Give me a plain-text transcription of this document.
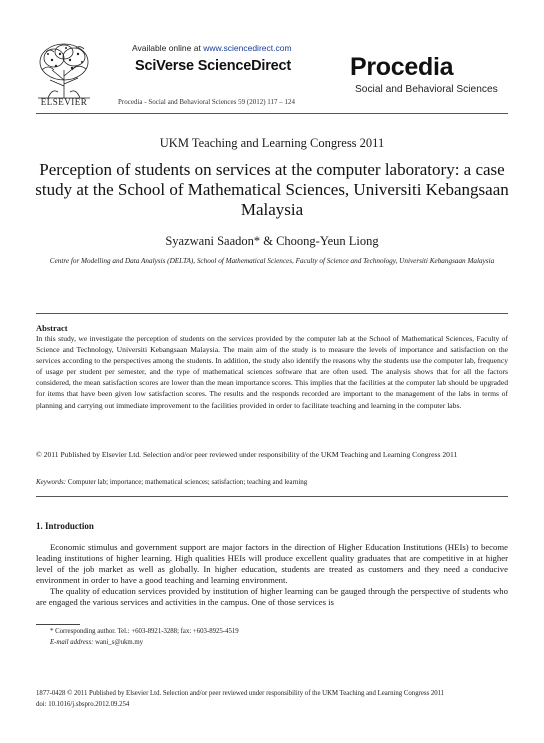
ELSEVIER
Available online at www.sciencedirect.com
SciVerse ScienceDirect
Procedia - Social and Behavioral Sciences 59 (2012) 117 – 124
Procedia
Social and Behavioral Sciences
UKM Teaching and Learning Congress 2011
Perception of students on services at the computer laboratory: a case study at the School of Mathematical Sciences, Universiti Kebangsaan Malaysia
Syazwani Saadon* & Choong-Yeun Liong
Centre for Modelling and Data Analysis (DELTA), School of Mathematical Sciences, Faculty of Science and Technology, Universiti Kebangsaan Malaysia
Abstract
In this study, we investigate the perception of students on the services provided by the computer lab at the School of Mathematical Sciences, Faculty of Science and Technology, Universiti Kebangsaan Malaysia. The main aim of the study is to measure the levels of importance and satisfaction on the services according to the perspectives among the students. In addition, the study also identify the reasons why the students use the computer lab, frequency of usage per student per semester, and the type of mathematical sciences software that are often used. The analysis shows that for all the factors considered, the mean satisfaction scores are lower than the mean importance scores. This implies that the facilities at the computer lab should be upgraded for items that have been given low satisfaction scores. The results and the responds recorded are important to the management of the labs in terms of planning and carrying out immediate improvement to the facilities provided in order to facilitate teaching and learning in the computer labs.
© 2011 Published by Elsevier Ltd. Selection and/or peer reviewed under responsibility of the UKM Teaching and Learning Congress 2011
Keywords: Computer lab; importance; mathematical sciences; satisfaction; teaching and learning
1. Introduction

Economic stimulus and government support are major factors in the direction of Higher Education Institutions (HEIs) to become leading institutions of higher learning. High qualities HEIs will produce excellent quality graduates that are competitive in at higher level of the job market as well as globally. In higher education, students are treated as customers and they need a conducive environment in order to have a good teaching and learning environment.

The quality of education services provided by institution of higher learning can be gauged through the perspective of students who are engaged the various services and activities in the campus. One of those services is

* Corresponding author. Tel.: +603-8921-3288; fax: +603-8925-4519
E-mail address: wani_s@ukm.my
1877-0428 © 2011 Published by Elsevier Ltd. Selection and/or peer reviewed under responsibility of the UKM Teaching and Learning Congress 2011
doi: 10.1016/j.sbspro.2012.09.254
